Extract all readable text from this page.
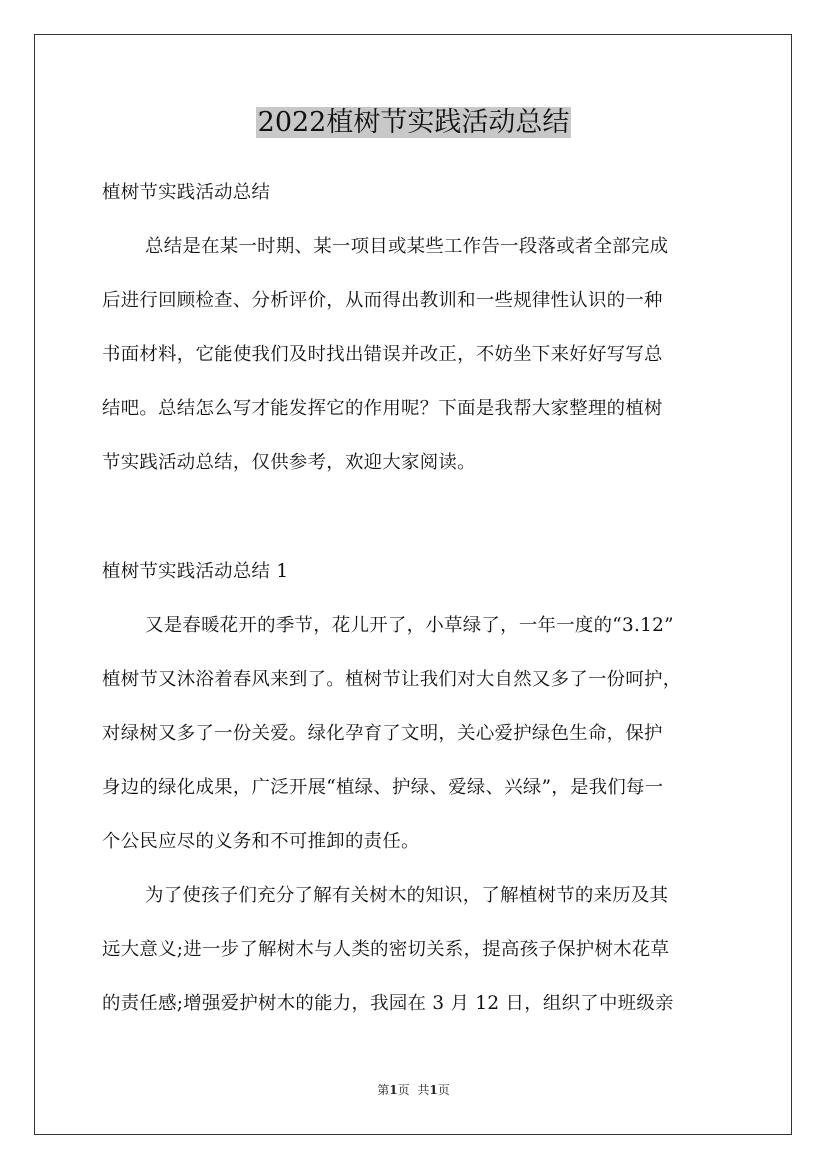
2022植树节实践活动总结

植树节实践活动总结

总结是在某一时期、某一项目或某些工作告一段落或者全部完成

后进行回顾检查、分析评价，从而得出教训和一些规律性认识的一种

书面材料，它能使我们及时找出错误并改正，不妨坐下来好好写写总

结吧。总结怎么写才能发挥它的作用呢？下面是我帮大家整理的植树

节实践活动总结，仅供参考，欢迎大家阅读。

植树节实践活动总结 1

又是春暖花开的季节，花儿开了，小草绿了，一年一度的“3.12”

植树节又沐浴着春风来到了。植树节让我们对大自然又多了一份呵护，

对绿树又多了一份关爱。绿化孕育了文明，关心爱护绿色生命，保护

身边的绿化成果，广泛开展“植绿、护绿、爱绿、兴绿”，是我们每一

个公民应尽的义务和不可推卸的责任。

为了使孩子们充分了解有关树木的知识，了解植树节的来历及其

远大意义;进一步了解树木与人类的密切关系，提高孩子保护树木花草

的责任感;增强爱护树木的能力，我园在 3 月 12 日，组织了中班级亲

第1页 共1页
